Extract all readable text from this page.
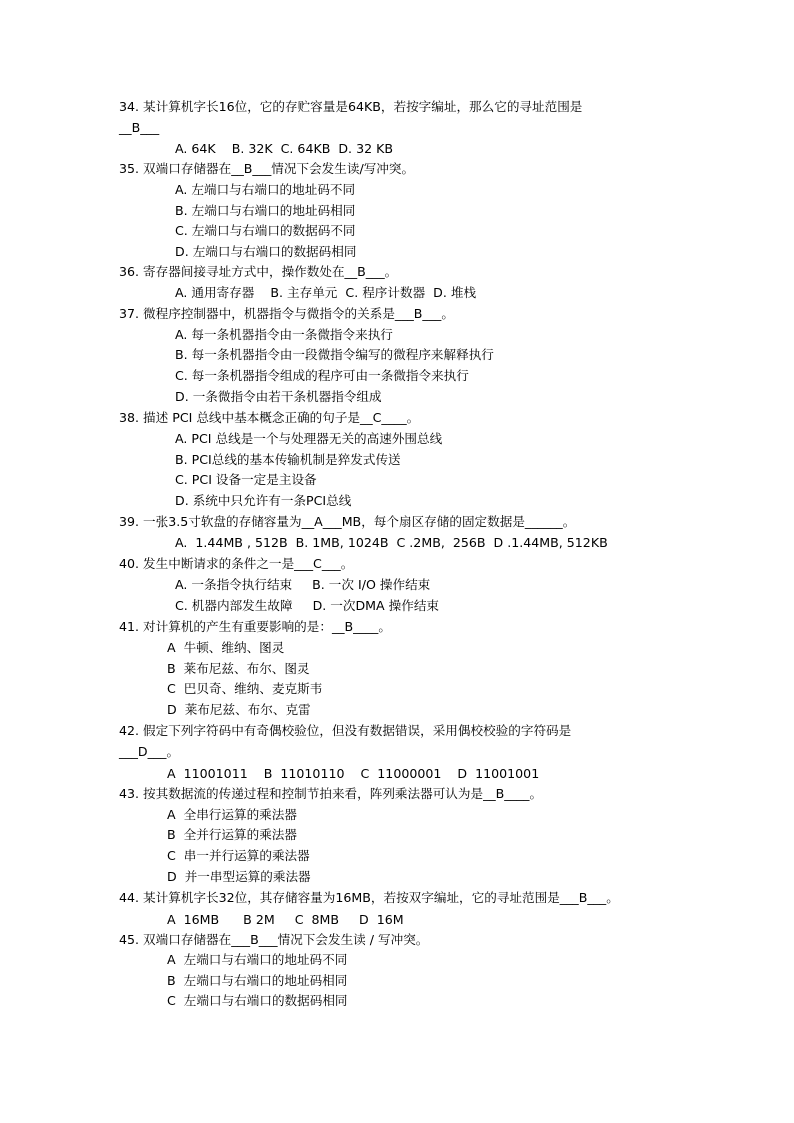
34. 某计算机字长16位，它的存贮容量是64KB，若按字编址，那么它的寻址范围是

__B___

A. 64K    B. 32K  C. 64KB  D. 32 KB

35. 双端口存储器在__B___情况下会发生读/写冲突。

A. 左端口与右端口的地址码不同

B. 左端口与右端口的地址码相同

C. 左端口与右端口的数据码不同

D. 左端口与右端口的数据码相同

36. 寄存器间接寻址方式中，操作数处在__B___。

A. 通用寄存器    B. 主存单元  C. 程序计数器  D. 堆栈

37. 微程序控制器中，机器指令与微指令的关系是___B___。

A. 每一条机器指令由一条微指令来执行

B. 每一条机器指令由一段微指令编写的微程序来解释执行

C. 每一条机器指令组成的程序可由一条微指令来执行

D. 一条微指令由若干条机器指令组成

38. 描述 PCI 总线中基本概念正确的句子是__C____。

A. PCI 总线是一个与处理器无关的高速外围总线

B. PCI总线的基本传输机制是猝发式传送

C. PCI 设备一定是主设备

D. 系统中只允许有一条PCI总线

39. 一张3.5寸软盘的存储容量为__A___MB，每个扇区存储的固定数据是______。

A.  1.44MB , 512B  B. 1MB, 1024B  C .2MB,  256B  D .1.44MB, 512KB

40. 发生中断请求的条件之一是___C___。

A. 一条指令执行结束     B. 一次 I/O 操作结束

C. 机器内部发生故障     D. 一次DMA 操作结束

41. 对计算机的产生有重要影响的是：__B____。

A  牛顿、维纳、图灵

B  莱布尼兹、布尔、图灵

C  巴贝奇、维纳、麦克斯韦

D  莱布尼兹、布尔、克雷

42. 假定下列字符码中有奇偶校验位，但没有数据错误，采用偶校校验的字符码是

___D___。

A  11001011    B  11010110    C  11000001    D  11001001

43. 按其数据流的传递过程和控制节拍来看，阵列乘法器可认为是__B____。

A  全串行运算的乘法器

B  全并行运算的乘法器

C  串一并行运算的乘法器

D  并一串型运算的乘法器

44. 某计算机字长32位，其存储容量为16MB，若按双字编址，它的寻址范围是___B___。

A  16MB      B 2M     C  8MB     D  16M

45. 双端口存储器在___B___情况下会发生读 / 写冲突。

A  左端口与右端口的地址码不同

B  左端口与右端口的地址码相同

C  左端口与右端口的数据码相同
